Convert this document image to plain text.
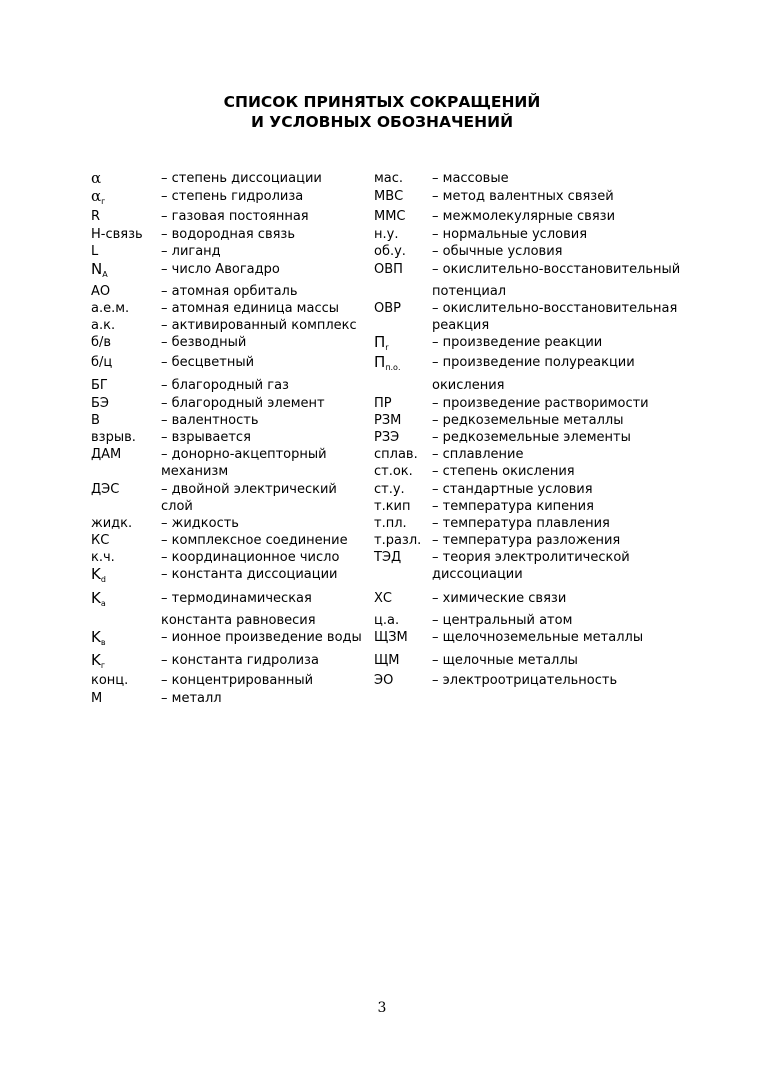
СПИСОК ПРИНЯТЫХ СОКРАЩЕНИЙ
И УСЛОВНЫХ ОБОЗНАЧЕНИЙ
α	– степень диссоциации
$\alpha_г$	– степень гидролиза
R	– газовая постоянная
Н-связь – водородная связь
L	– лиганд
$N_A$	– число Авогадро
АО	– атомная орбиталь
а.е.м. – атомная единица массы
а.к.	– активированный комплекс
б/в	– безводный
б/ц	– бесцветный
БГ	– благородный газ
БЭ	– благородный элемент
В	– валентность
взрыв. – взрывается
ДАМ	– донорно-акцепторный
механизм
ДЭС	– двойной электрический
слой
жидк. – жидкость
КС	– комплексное соединение
к.ч.	– координационное число
$K_d$	– константа диссоциации
$K_a$	– термодинамическая
константа равновесия
$K_в$	– ионное произведение воды
$K_г$	– константа гидролиза
конц.	– концентрированный
М	– металл
мас. – массовые
МВС – метод валентных связей
ММС – межмолекулярные связи
н.у.	– нормальные условия
об.у. – обычные условия
ОВП – окислительно-восстановительный
потенциал
ОВР – окислительно-восстановительная
реакция
$П_r$	– произведение реакции
$П_{п.о.}$ – произведение полуреакции
окисления
ПР	– произведение растворимости
РЗМ – редкоземельные металлы
РЗЭ	– редкоземельные элементы
сплав. – сплавление
ст.ок. – степень окисления
ст.у. – стандартные условия
т.кип – температура кипения
т.пл. – температура плавления
т.разл. – температура разложения
ТЭД – теория электролитической
диссоциации
ХС	– химические связи
ц.а.	– центральный атом
ЩЗМ – щелочноземельные металлы
ЩМ	– щелочные металлы
ЭО	– электроотрицательность
3
